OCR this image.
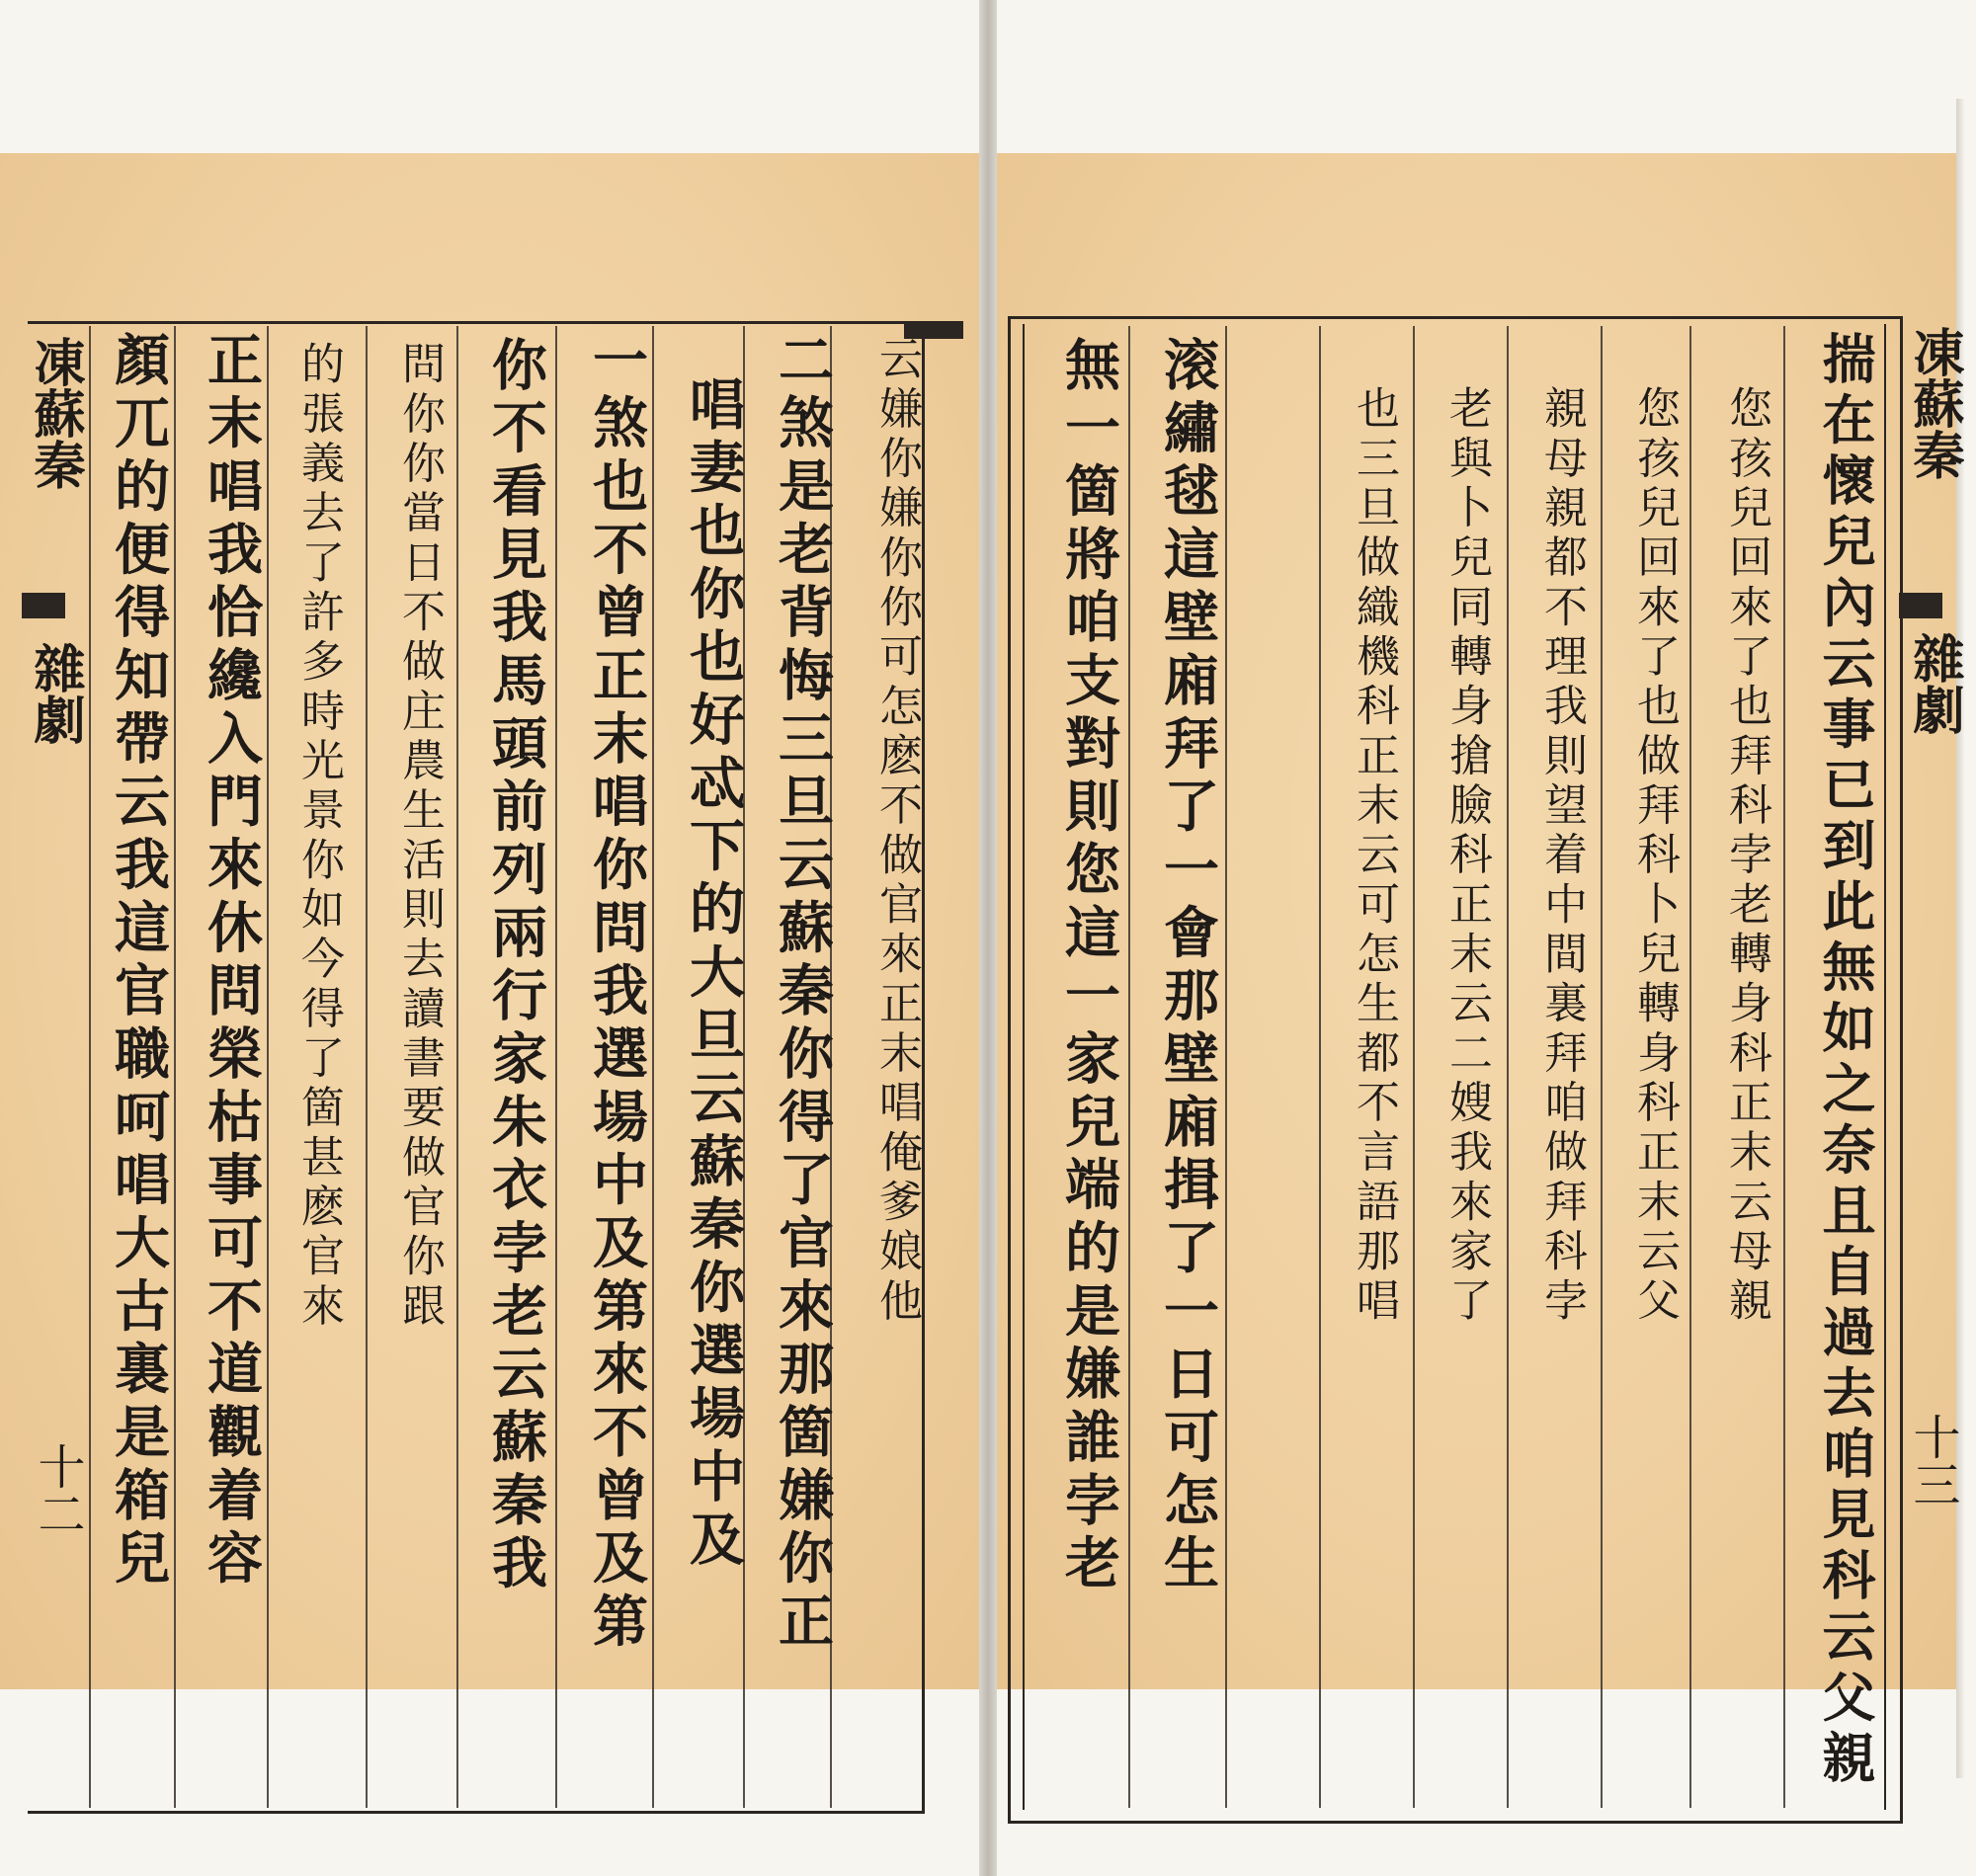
凍蘇秦
雜劇
十二
云嫌你嫌你你可怎麽不做官來正末唱俺爹娘他
二煞是老背悔三旦云蘇秦你得了官來那箇嫌你正
唱妻也你也好忒下的大旦云蘇秦你選場中及
一煞也不曾正末唱你問我選場中及第來不曾及第
你不看見我馬頭前列兩行家朱衣孛老云蘇秦我
問你你當日不做庄農生活則去讀書要做官你跟
的張義去了許多時光景你如今得了箇甚麽官來
正末唱我恰纔入門來休問榮枯事可不道觀着容
顏兀的便得知帶云我這官職呵唱大古裏是箱兒	凍蘇秦
雜劇
十三
揣在懷兒內云事已到此無如之奈且自過去咱見科云父親
您孩兒回來了也拜科孛老轉身科正末云母親
您孩兒回來了也做拜科卜兒轉身科正末云父
親母親都不理我則望着中間裏拜咱做拜科孛
老與卜兒同轉身搶臉科正末云二嫂我來家了
也三旦做織機科正末云可怎生都不言語那唱
滚繡毬這壁廂拜了一會那壁廂揖了一日可怎生
無一箇將咱支對則您這一家兒端的是嫌誰孛老
